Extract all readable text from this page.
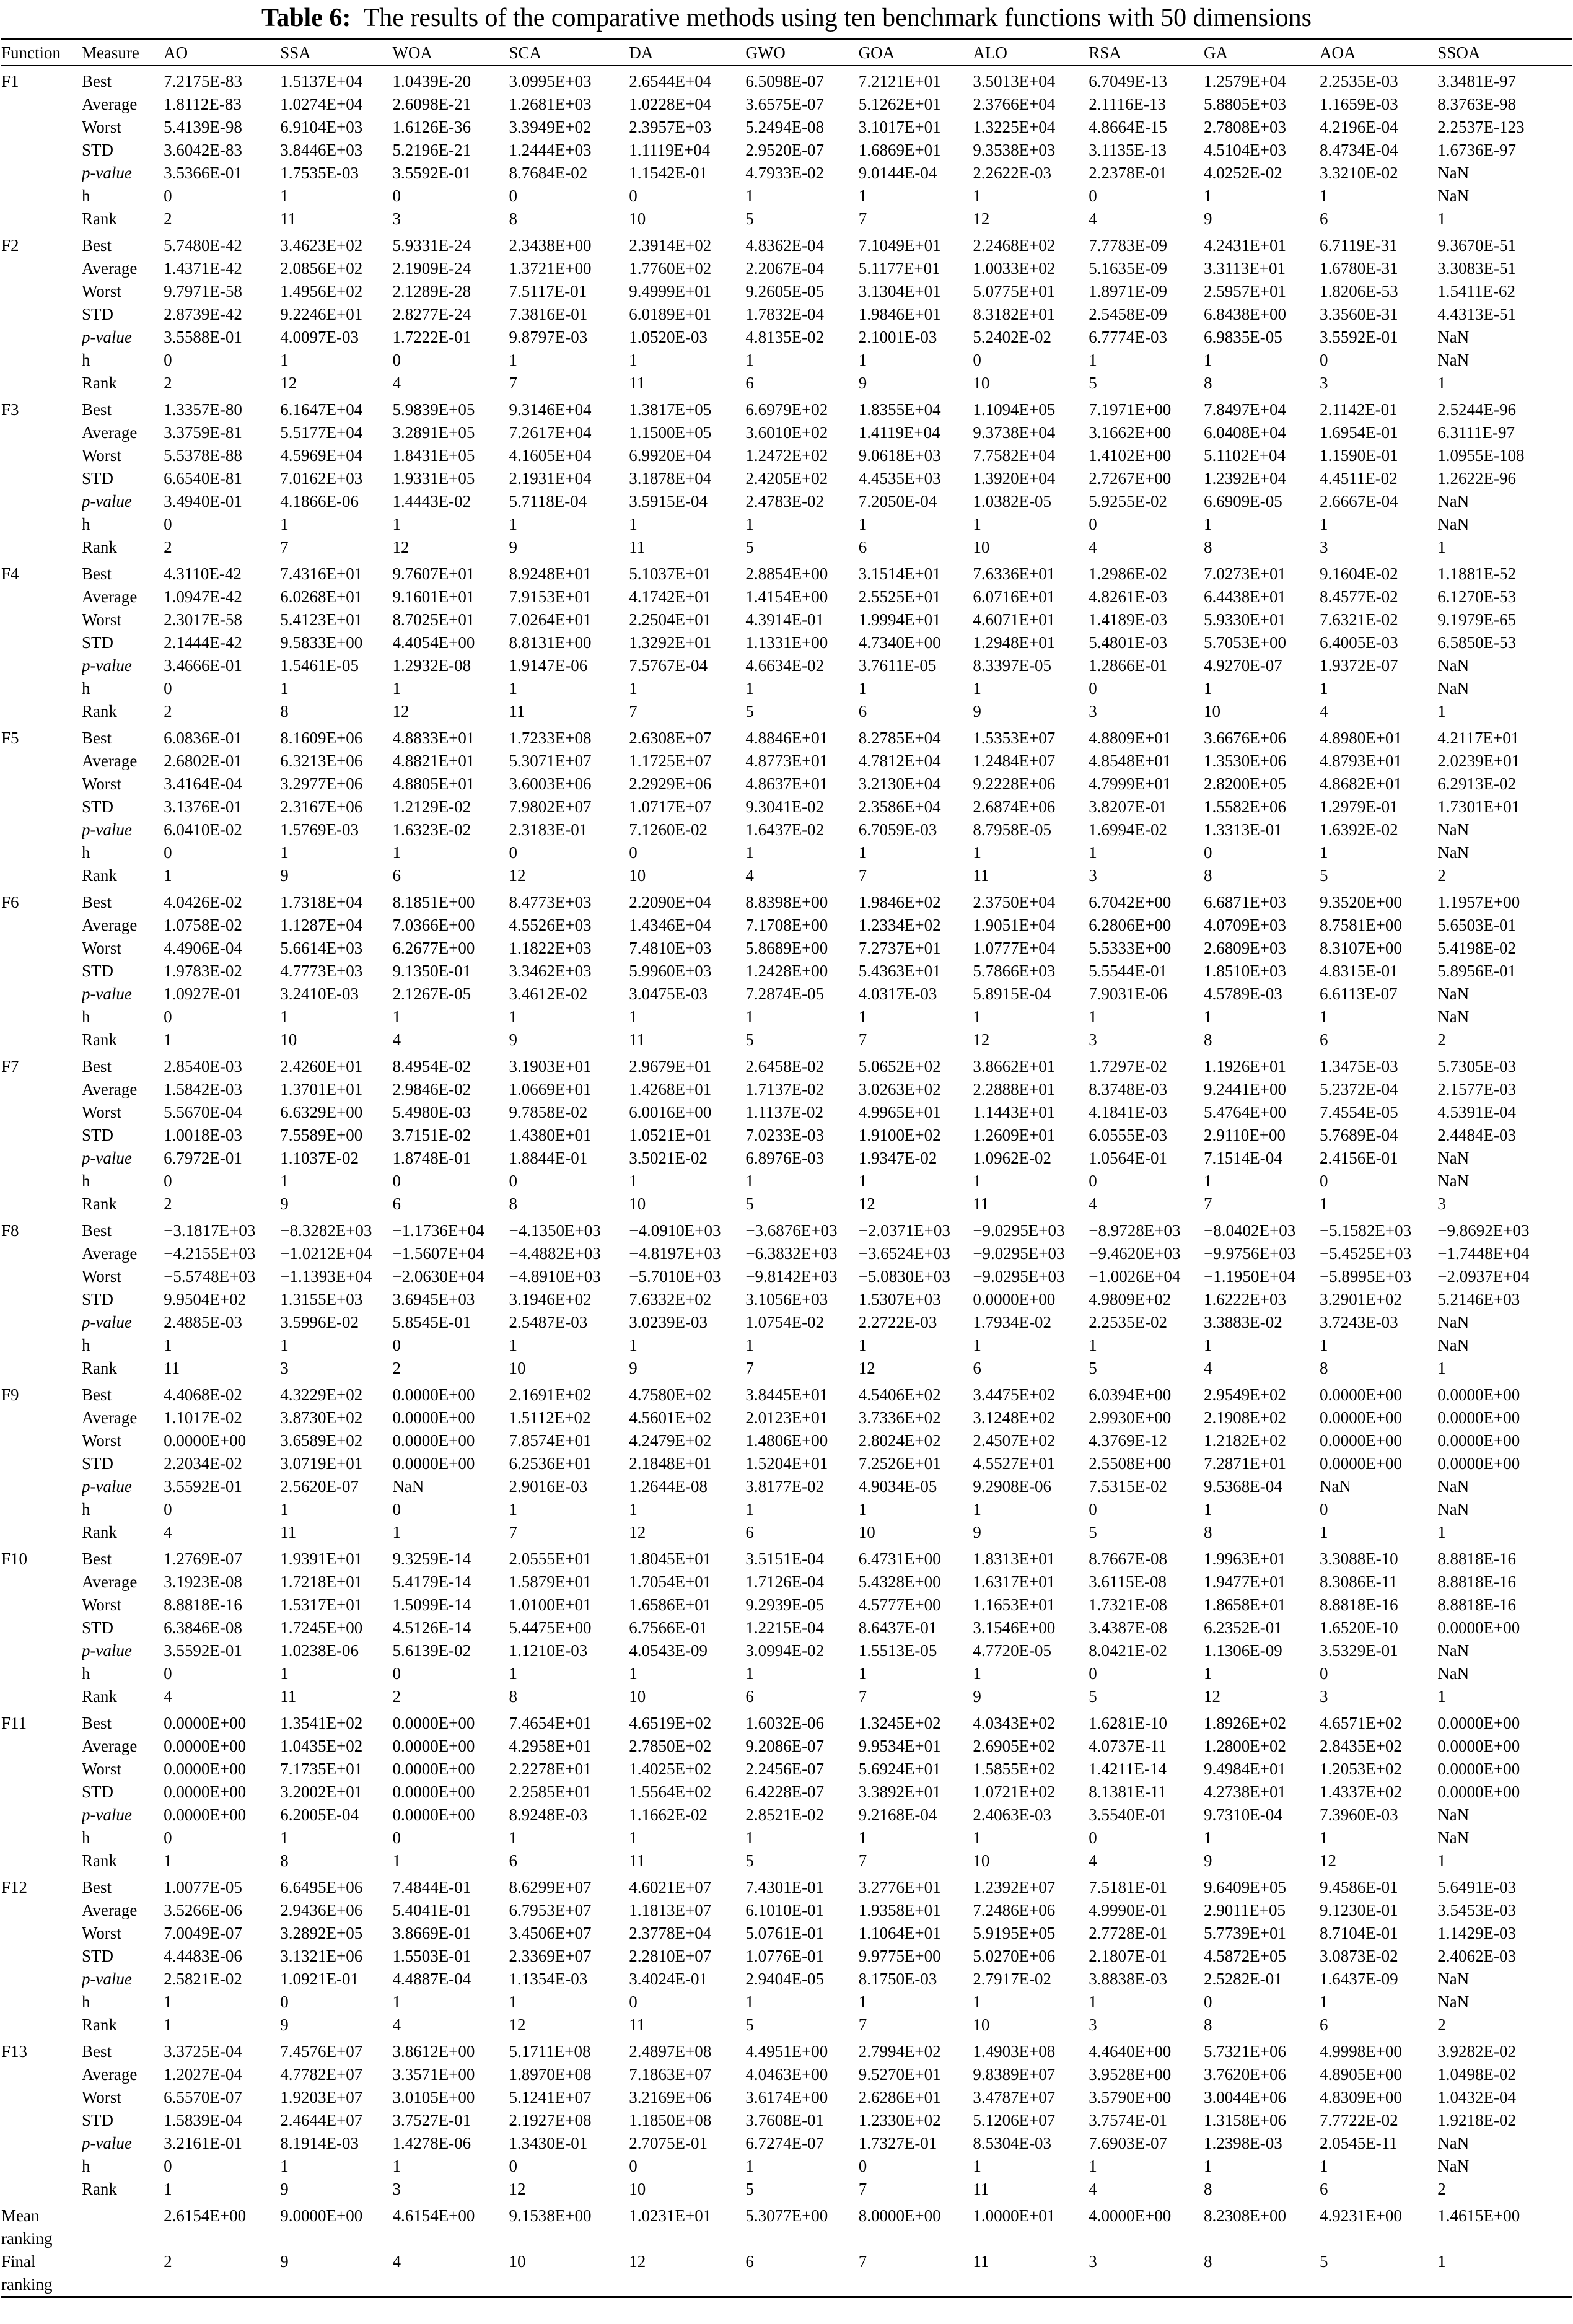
Table 6: The results of the comparative methods using ten benchmark functions with 50 dimensions
Function	Measure	AO	SSA	WOA	SCA	DA	GWO	GOA	ALO	RSA	GA	AOA	SSOA
F1	Best	7.2175E-83	1.5137E+04	1.0439E-20	3.0995E+03	2.6544E+04	6.5098E-07	7.2121E+01	3.5013E+04	6.7049E-13	1.2579E+04	2.2535E-03	3.3481E-97
	Average	1.8112E-83	1.0274E+04	2.6098E-21	1.2681E+03	1.0228E+04	3.6575E-07	5.1262E+01	2.3766E+04	2.1116E-13	5.8805E+03	1.1659E-03	8.3763E-98
	Worst	5.4139E-98	6.9104E+03	1.6126E-36	3.3949E+02	2.3957E+03	5.2494E-08	3.1017E+01	1.3225E+04	4.8664E-15	2.7808E+03	4.2196E-04	2.2537E-123
	STD	3.6042E-83	3.8446E+03	5.2196E-21	1.2444E+03	1.1119E+04	2.9520E-07	1.6869E+01	9.3538E+03	3.1135E-13	4.5104E+03	8.4734E-04	1.6736E-97
	p-value	3.5366E-01	1.7535E-03	3.5592E-01	8.7684E-02	1.1542E-01	4.7933E-02	9.0144E-04	2.2622E-03	2.2378E-01	4.0252E-02	3.3210E-02	NaN
	h	0	1	0	0	0	1	1	1	0	1	1	NaN
	Rank	2	11	3	8	10	5	7	12	4	9	6	1
F2	Best	5.7480E-42	3.4623E+02	5.9331E-24	2.3438E+00	2.3914E+02	4.8362E-04	7.1049E+01	2.2468E+02	7.7783E-09	4.2431E+01	6.7119E-31	9.3670E-51
	Average	1.4371E-42	2.0856E+02	2.1909E-24	1.3721E+00	1.7760E+02	2.2067E-04	5.1177E+01	1.0033E+02	5.1635E-09	3.3113E+01	1.6780E-31	3.3083E-51
	Worst	9.7971E-58	1.4956E+02	2.1289E-28	7.5117E-01	9.4999E+01	9.2605E-05	3.1304E+01	5.0775E+01	1.8971E-09	2.5957E+01	1.8206E-53	1.5411E-62
	STD	2.8739E-42	9.2246E+01	2.8277E-24	7.3816E-01	6.0189E+01	1.7832E-04	1.9846E+01	8.3182E+01	2.5458E-09	6.8438E+00	3.3560E-31	4.4313E-51
	p-value	3.5588E-01	4.0097E-03	1.7222E-01	9.8797E-03	1.0520E-03	4.8135E-02	2.1001E-03	5.2402E-02	6.7774E-03	6.9835E-05	3.5592E-01	NaN
	h	0	1	0	1	1	1	1	0	1	1	0	NaN
	Rank	2	12	4	7	11	6	9	10	5	8	3	1
F3	Best	1.3357E-80	6.1647E+04	5.9839E+05	9.3146E+04	1.3817E+05	6.6979E+02	1.8355E+04	1.1094E+05	7.1971E+00	7.8497E+04	2.1142E-01	2.5244E-96
	Average	3.3759E-81	5.5177E+04	3.2891E+05	7.2617E+04	1.1500E+05	3.6010E+02	1.4119E+04	9.3738E+04	3.1662E+00	6.0408E+04	1.6954E-01	6.3111E-97
	Worst	5.5378E-88	4.5969E+04	1.8431E+05	4.1605E+04	6.9920E+04	1.2472E+02	9.0618E+03	7.7582E+04	1.4102E+00	5.1102E+04	1.1590E-01	1.0955E-108
	STD	6.6540E-81	7.0162E+03	1.9331E+05	2.1931E+04	3.1878E+04	2.4205E+02	4.4535E+03	1.3920E+04	2.7267E+00	1.2392E+04	4.4511E-02	1.2622E-96
	p-value	3.4940E-01	4.1866E-06	1.4443E-02	5.7118E-04	3.5915E-04	2.4783E-02	7.2050E-04	1.0382E-05	5.9255E-02	6.6909E-05	2.6667E-04	NaN
	h	0	1	1	1	1	1	1	1	0	1	1	NaN
	Rank	2	7	12	9	11	5	6	10	4	8	3	1
F4	Best	4.3110E-42	7.4316E+01	9.7607E+01	8.9248E+01	5.1037E+01	2.8854E+00	3.1514E+01	7.6336E+01	1.2986E-02	7.0273E+01	9.1604E-02	1.1881E-52
	Average	1.0947E-42	6.0268E+01	9.1601E+01	7.9153E+01	4.1742E+01	1.4154E+00	2.5525E+01	6.0716E+01	4.8261E-03	6.4438E+01	8.4577E-02	6.1270E-53
	Worst	2.3017E-58	5.4123E+01	8.7025E+01	7.0264E+01	2.2504E+01	4.3914E-01	1.9994E+01	4.6071E+01	1.4189E-03	5.9330E+01	7.6321E-02	9.1979E-65
	STD	2.1444E-42	9.5833E+00	4.4054E+00	8.8131E+00	1.3292E+01	1.1331E+00	4.7340E+00	1.2948E+01	5.4801E-03	5.7053E+00	6.4005E-03	6.5850E-53
	p-value	3.4666E-01	1.5461E-05	1.2932E-08	1.9147E-06	7.5767E-04	4.6634E-02	3.7611E-05	8.3397E-05	1.2866E-01	4.9270E-07	1.9372E-07	NaN
	h	0	1	1	1	1	1	1	1	0	1	1	NaN
	Rank	2	8	12	11	7	5	6	9	3	10	4	1
F5	Best	6.0836E-01	8.1609E+06	4.8833E+01	1.7233E+08	2.6308E+07	4.8846E+01	8.2785E+04	1.5353E+07	4.8809E+01	3.6676E+06	4.8980E+01	4.2117E+01
	Average	2.6802E-01	6.3213E+06	4.8821E+01	5.3071E+07	1.1725E+07	4.8773E+01	4.7812E+04	1.2484E+07	4.8548E+01	1.3530E+06	4.8793E+01	2.0239E+01
	Worst	3.4164E-04	3.2977E+06	4.8805E+01	3.6003E+06	2.2929E+06	4.8637E+01	3.2130E+04	9.2228E+06	4.7999E+01	2.8200E+05	4.8682E+01	6.2913E-02
	STD	3.1376E-01	2.3167E+06	1.2129E-02	7.9802E+07	1.0717E+07	9.3041E-02	2.3586E+04	2.6874E+06	3.8207E-01	1.5582E+06	1.2979E-01	1.7301E+01
	p-value	6.0410E-02	1.5769E-03	1.6323E-02	2.3183E-01	7.1260E-02	1.6437E-02	6.7059E-03	8.7958E-05	1.6994E-02	1.3313E-01	1.6392E-02	NaN
	h	0	1	1	0	0	1	1	1	1	0	1	NaN
	Rank	1	9	6	12	10	4	7	11	3	8	5	2
F6	Best	4.0426E-02	1.7318E+04	8.1851E+00	8.4773E+03	2.2090E+04	8.8398E+00	1.9846E+02	2.3750E+04	6.7042E+00	6.6871E+03	9.3520E+00	1.1957E+00
	Average	1.0758E-02	1.1287E+04	7.0366E+00	4.5526E+03	1.4346E+04	7.1708E+00	1.2334E+02	1.9051E+04	6.2806E+00	4.0709E+03	8.7581E+00	5.6503E-01
	Worst	4.4906E-04	5.6614E+03	6.2677E+00	1.1822E+03	7.4810E+03	5.8689E+00	7.2737E+01	1.0777E+04	5.5333E+00	2.6809E+03	8.3107E+00	5.4198E-02
	STD	1.9783E-02	4.7773E+03	9.1350E-01	3.3462E+03	5.9960E+03	1.2428E+00	5.4363E+01	5.7866E+03	5.5544E-01	1.8510E+03	4.8315E-01	5.8956E-01
	p-value	1.0927E-01	3.2410E-03	2.1267E-05	3.4612E-02	3.0475E-03	7.2874E-05	4.0317E-03	5.8915E-04	7.9031E-06	4.5789E-03	6.6113E-07	NaN
	h	0	1	1	1	1	1	1	1	1	1	1	NaN
	Rank	1	10	4	9	11	5	7	12	3	8	6	2
F7	Best	2.8540E-03	2.4260E+01	8.4954E-02	3.1903E+01	2.9679E+01	2.6458E-02	5.0652E+02	3.8662E+01	1.7297E-02	1.1926E+01	1.3475E-03	5.7305E-03
	Average	1.5842E-03	1.3701E+01	2.9846E-02	1.0669E+01	1.4268E+01	1.7137E-02	3.0263E+02	2.2888E+01	8.3748E-03	9.2441E+00	5.2372E-04	2.1577E-03
	Worst	5.5670E-04	6.6329E+00	5.4980E-03	9.7858E-02	6.0016E+00	1.1137E-02	4.9965E+01	1.1443E+01	4.1841E-03	5.4764E+00	7.4554E-05	4.5391E-04
	STD	1.0018E-03	7.5589E+00	3.7151E-02	1.4380E+01	1.0521E+01	7.0233E-03	1.9100E+02	1.2609E+01	6.0555E-03	2.9110E+00	5.7689E-04	2.4484E-03
	p-value	6.7972E-01	1.1037E-02	1.8748E-01	1.8844E-01	3.5021E-02	6.8976E-03	1.9347E-02	1.0962E-02	1.0564E-01	7.1514E-04	2.4156E-01	NaN
	h	0	1	0	0	1	1	1	1	0	1	0	NaN
	Rank	2	9	6	8	10	5	12	11	4	7	1	3
F8	Best	−3.1817E+03	−8.3282E+03	−1.1736E+04	−4.1350E+03	−4.0910E+03	−3.6876E+03	−2.0371E+03	−9.0295E+03	−8.9728E+03	−8.0402E+03	−5.1582E+03	−9.8692E+03
	Average	−4.2155E+03	−1.0212E+04	−1.5607E+04	−4.4882E+03	−4.8197E+03	−6.3832E+03	−3.6524E+03	−9.0295E+03	−9.4620E+03	−9.9756E+03	−5.4525E+03	−1.7448E+04
	Worst	−5.5748E+03	−1.1393E+04	−2.0630E+04	−4.8910E+03	−5.7010E+03	−9.8142E+03	−5.0830E+03	−9.0295E+03	−1.0026E+04	−1.1950E+04	−5.8995E+03	−2.0937E+04
	STD	9.9504E+02	1.3155E+03	3.6945E+03	3.1946E+02	7.6332E+02	3.1056E+03	1.5307E+03	0.0000E+00	4.9809E+02	1.6222E+03	3.2901E+02	5.2146E+03
	p-value	2.4885E-03	3.5996E-02	5.8545E-01	2.5487E-03	3.0239E-03	1.0754E-02	2.2722E-03	1.7934E-02	2.2535E-02	3.3883E-02	3.7243E-03	NaN
	h	1	1	0	1	1	1	1	1	1	1	1	NaN
	Rank	11	3	2	10	9	7	12	6	5	4	8	1
F9	Best	4.4068E-02	4.3229E+02	0.0000E+00	2.1691E+02	4.7580E+02	3.8445E+01	4.5406E+02	3.4475E+02	6.0394E+00	2.9549E+02	0.0000E+00	0.0000E+00
	Average	1.1017E-02	3.8730E+02	0.0000E+00	1.5112E+02	4.5601E+02	2.0123E+01	3.7336E+02	3.1248E+02	2.9930E+00	2.1908E+02	0.0000E+00	0.0000E+00
	Worst	0.0000E+00	3.6589E+02	0.0000E+00	7.8574E+01	4.2479E+02	1.4806E+00	2.8024E+02	2.4507E+02	4.3769E-12	1.2182E+02	0.0000E+00	0.0000E+00
	STD	2.2034E-02	3.0719E+01	0.0000E+00	6.2536E+01	2.1848E+01	1.5204E+01	7.2526E+01	4.5527E+01	2.5508E+00	7.2871E+01	0.0000E+00	0.0000E+00
	p-value	3.5592E-01	2.5620E-07	NaN	2.9016E-03	1.2644E-08	3.8177E-02	4.9034E-05	9.2908E-06	7.5315E-02	9.5368E-04	NaN	NaN
	h	0	1	0	1	1	1	1	1	0	1	0	NaN
	Rank	4	11	1	7	12	6	10	9	5	8	1	1
F10	Best	1.2769E-07	1.9391E+01	9.3259E-14	2.0555E+01	1.8045E+01	3.5151E-04	6.4731E+00	1.8313E+01	8.7667E-08	1.9963E+01	3.3088E-10	8.8818E-16
	Average	3.1923E-08	1.7218E+01	5.4179E-14	1.5879E+01	1.7054E+01	1.7126E-04	5.4328E+00	1.6317E+01	3.6115E-08	1.9477E+01	8.3086E-11	8.8818E-16
	Worst	8.8818E-16	1.5317E+01	1.5099E-14	1.0100E+01	1.6586E+01	9.2939E-05	4.5777E+00	1.1653E+01	1.7321E-08	1.8658E+01	8.8818E-16	8.8818E-16
	STD	6.3846E-08	1.7245E+00	4.5126E-14	5.4475E+00	6.7566E-01	1.2215E-04	8.6437E-01	3.1546E+00	3.4387E-08	6.2352E-01	1.6520E-10	0.0000E+00
	p-value	3.5592E-01	1.0238E-06	5.6139E-02	1.1210E-03	4.0543E-09	3.0994E-02	1.5513E-05	4.7720E-05	8.0421E-02	1.1306E-09	3.5329E-01	NaN
	h	0	1	0	1	1	1	1	1	0	1	0	NaN
	Rank	4	11	2	8	10	6	7	9	5	12	3	1
F11	Best	0.0000E+00	1.3541E+02	0.0000E+00	7.4654E+01	4.6519E+02	1.6032E-06	1.3245E+02	4.0343E+02	1.6281E-10	1.8926E+02	4.6571E+02	0.0000E+00
	Average	0.0000E+00	1.0435E+02	0.0000E+00	4.2958E+01	2.7850E+02	9.2086E-07	9.9534E+01	2.6905E+02	4.0737E-11	1.2800E+02	2.8435E+02	0.0000E+00
	Worst	0.0000E+00	7.1735E+01	0.0000E+00	2.2278E+01	1.4025E+02	2.2456E-07	5.6924E+01	1.5855E+02	1.4211E-14	9.4984E+01	1.2053E+02	0.0000E+00
	STD	0.0000E+00	3.2002E+01	0.0000E+00	2.2585E+01	1.5564E+02	6.4228E-07	3.3892E+01	1.0721E+02	8.1381E-11	4.2738E+01	1.4337E+02	0.0000E+00
	p-value	0.0000E+00	6.2005E-04	0.0000E+00	8.9248E-03	1.1662E-02	2.8521E-02	9.2168E-04	2.4063E-03	3.5540E-01	9.7310E-04	7.3960E-03	NaN
	h	0	1	0	1	1	1	1	1	0	1	1	NaN
	Rank	1	8	1	6	11	5	7	10	4	9	12	1
F12	Best	1.0077E-05	6.6495E+06	7.4844E-01	8.6299E+07	4.6021E+07	7.4301E-01	3.2776E+01	1.2392E+07	7.5181E-01	9.6409E+05	9.4586E-01	5.6491E-03
	Average	3.5266E-06	2.9436E+06	5.4041E-01	6.7953E+07	1.1813E+07	6.1010E-01	1.9358E+01	7.2486E+06	4.9990E-01	2.9011E+05	9.1230E-01	3.5453E-03
	Worst	7.0049E-07	3.2892E+05	3.8669E-01	3.4506E+07	2.3778E+04	5.0761E-01	1.1064E+01	5.9195E+05	2.7728E-01	5.7739E+01	8.7104E-01	1.1429E-03
	STD	4.4483E-06	3.1321E+06	1.5503E-01	2.3369E+07	2.2810E+07	1.0776E-01	9.9775E+00	5.0270E+06	2.1807E-01	4.5872E+05	3.0873E-02	2.4062E-03
	p-value	2.5821E-02	1.0921E-01	4.4887E-04	1.1354E-03	3.4024E-01	2.9404E-05	8.1750E-03	2.7917E-02	3.8838E-03	2.5282E-01	1.6437E-09	NaN
	h	1	0	1	1	0	1	1	1	1	0	1	NaN
	Rank	1	9	4	12	11	5	7	10	3	8	6	2
F13	Best	3.3725E-04	7.4576E+07	3.8612E+00	5.1711E+08	2.4897E+08	4.4951E+00	2.7994E+02	1.4903E+08	4.4640E+00	5.7321E+06	4.9998E+00	3.9282E-02
	Average	1.2027E-04	4.7782E+07	3.3571E+00	1.8970E+08	7.1863E+07	4.0463E+00	9.5270E+01	9.8389E+07	3.9528E+00	3.7620E+06	4.8905E+00	1.0498E-02
	Worst	6.5570E-07	1.9203E+07	3.0105E+00	5.1241E+07	3.2169E+06	3.6174E+00	2.6286E+01	3.4787E+07	3.5790E+00	3.0044E+06	4.8309E+00	1.0432E-04
	STD	1.5839E-04	2.4644E+07	3.7527E-01	2.1927E+08	1.1850E+08	3.7608E-01	1.2330E+02	5.1206E+07	3.7574E-01	1.3158E+06	7.7722E-02	1.9218E-02
	p-value	3.2161E-01	8.1914E-03	1.4278E-06	1.3430E-01	2.7075E-01	6.7274E-07	1.7327E-01	8.5304E-03	7.6903E-07	1.2398E-03	2.0545E-11	NaN
	h	0	1	1	0	0	1	0	1	1	1	1	NaN
	Rank	1	9	3	12	10	5	7	11	4	8	6	2
Mean ranking		2.6154E+00	9.0000E+00	4.6154E+00	9.1538E+00	1.0231E+01	5.3077E+00	8.0000E+00	1.0000E+01	4.0000E+00	8.2308E+00	4.9231E+00	1.4615E+00
Final ranking		2	9	4	10	12	6	7	11	3	8	5	1
